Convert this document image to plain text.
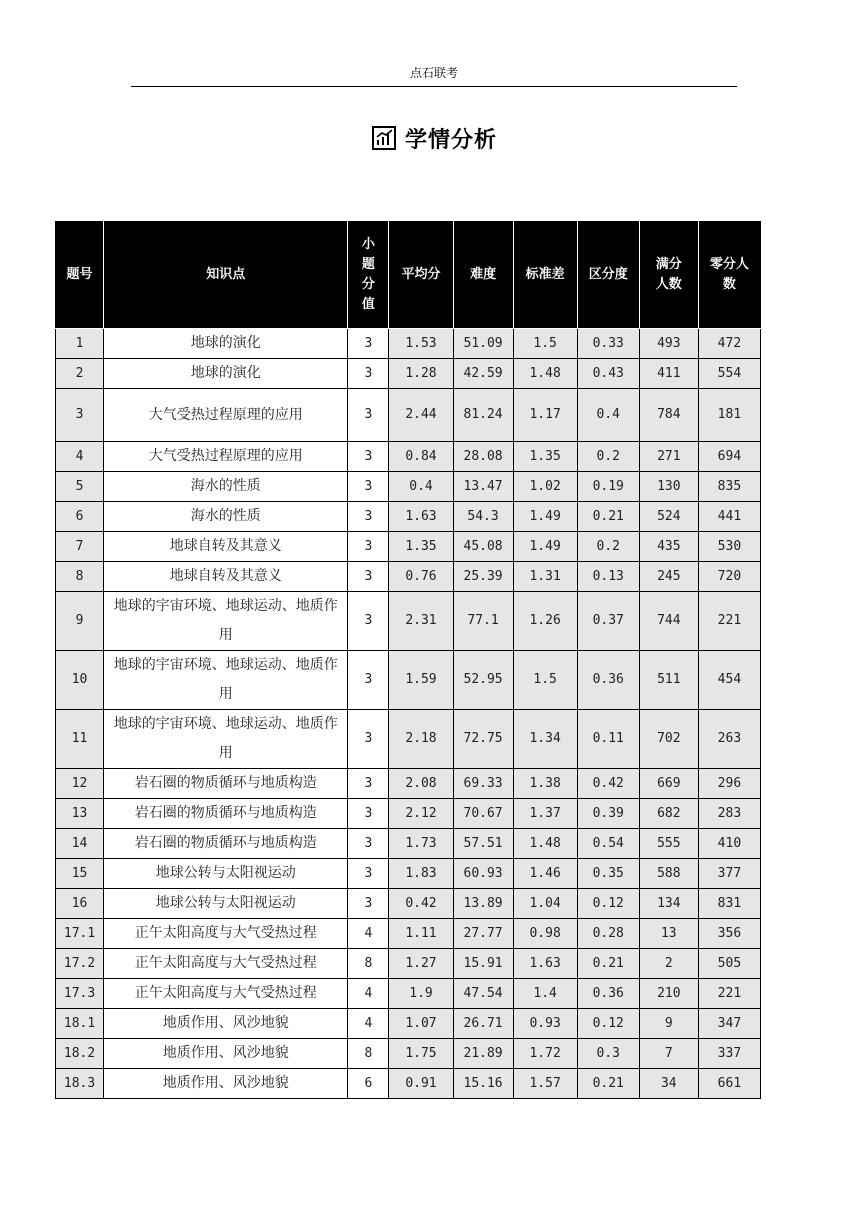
点石联考
学情分析
题号	知识点	小题分值	平均分	难度	标准差	区分度	满分人数	零分人数
1	地球的演化	3	1.53	51.09	1.5	0.33	493	472
2	地球的演化	3	1.28	42.59	1.48	0.43	411	554
3	大气受热过程原理的应用	3	2.44	81.24	1.17	0.4	784	181
4	大气受热过程原理的应用	3	0.84	28.08	1.35	0.2	271	694
5	海水的性质	3	0.4	13.47	1.02	0.19	130	835
6	海水的性质	3	1.63	54.3	1.49	0.21	524	441
7	地球自转及其意义	3	1.35	45.08	1.49	0.2	435	530
8	地球自转及其意义	3	0.76	25.39	1.31	0.13	245	720
9	地球的宇宙环境、地球运动、地质作用	3	2.31	77.1	1.26	0.37	744	221
10	地球的宇宙环境、地球运动、地质作用	3	1.59	52.95	1.5	0.36	511	454
11	地球的宇宙环境、地球运动、地质作用	3	2.18	72.75	1.34	0.11	702	263
12	岩石圈的物质循环与地质构造	3	2.08	69.33	1.38	0.42	669	296
13	岩石圈的物质循环与地质构造	3	2.12	70.67	1.37	0.39	682	283
14	岩石圈的物质循环与地质构造	3	1.73	57.51	1.48	0.54	555	410
15	地球公转与太阳视运动	3	1.83	60.93	1.46	0.35	588	377
16	地球公转与太阳视运动	3	0.42	13.89	1.04	0.12	134	831
17.1	正午太阳高度与大气受热过程	4	1.11	27.77	0.98	0.28	13	356
17.2	正午太阳高度与大气受热过程	8	1.27	15.91	1.63	0.21	2	505
17.3	正午太阳高度与大气受热过程	4	1.9	47.54	1.4	0.36	210	221
18.1	地质作用、风沙地貌	4	1.07	26.71	0.93	0.12	9	347
18.2	地质作用、风沙地貌	8	1.75	21.89	1.72	0.3	7	337
18.3	地质作用、风沙地貌	6	0.91	15.16	1.57	0.21	34	661
